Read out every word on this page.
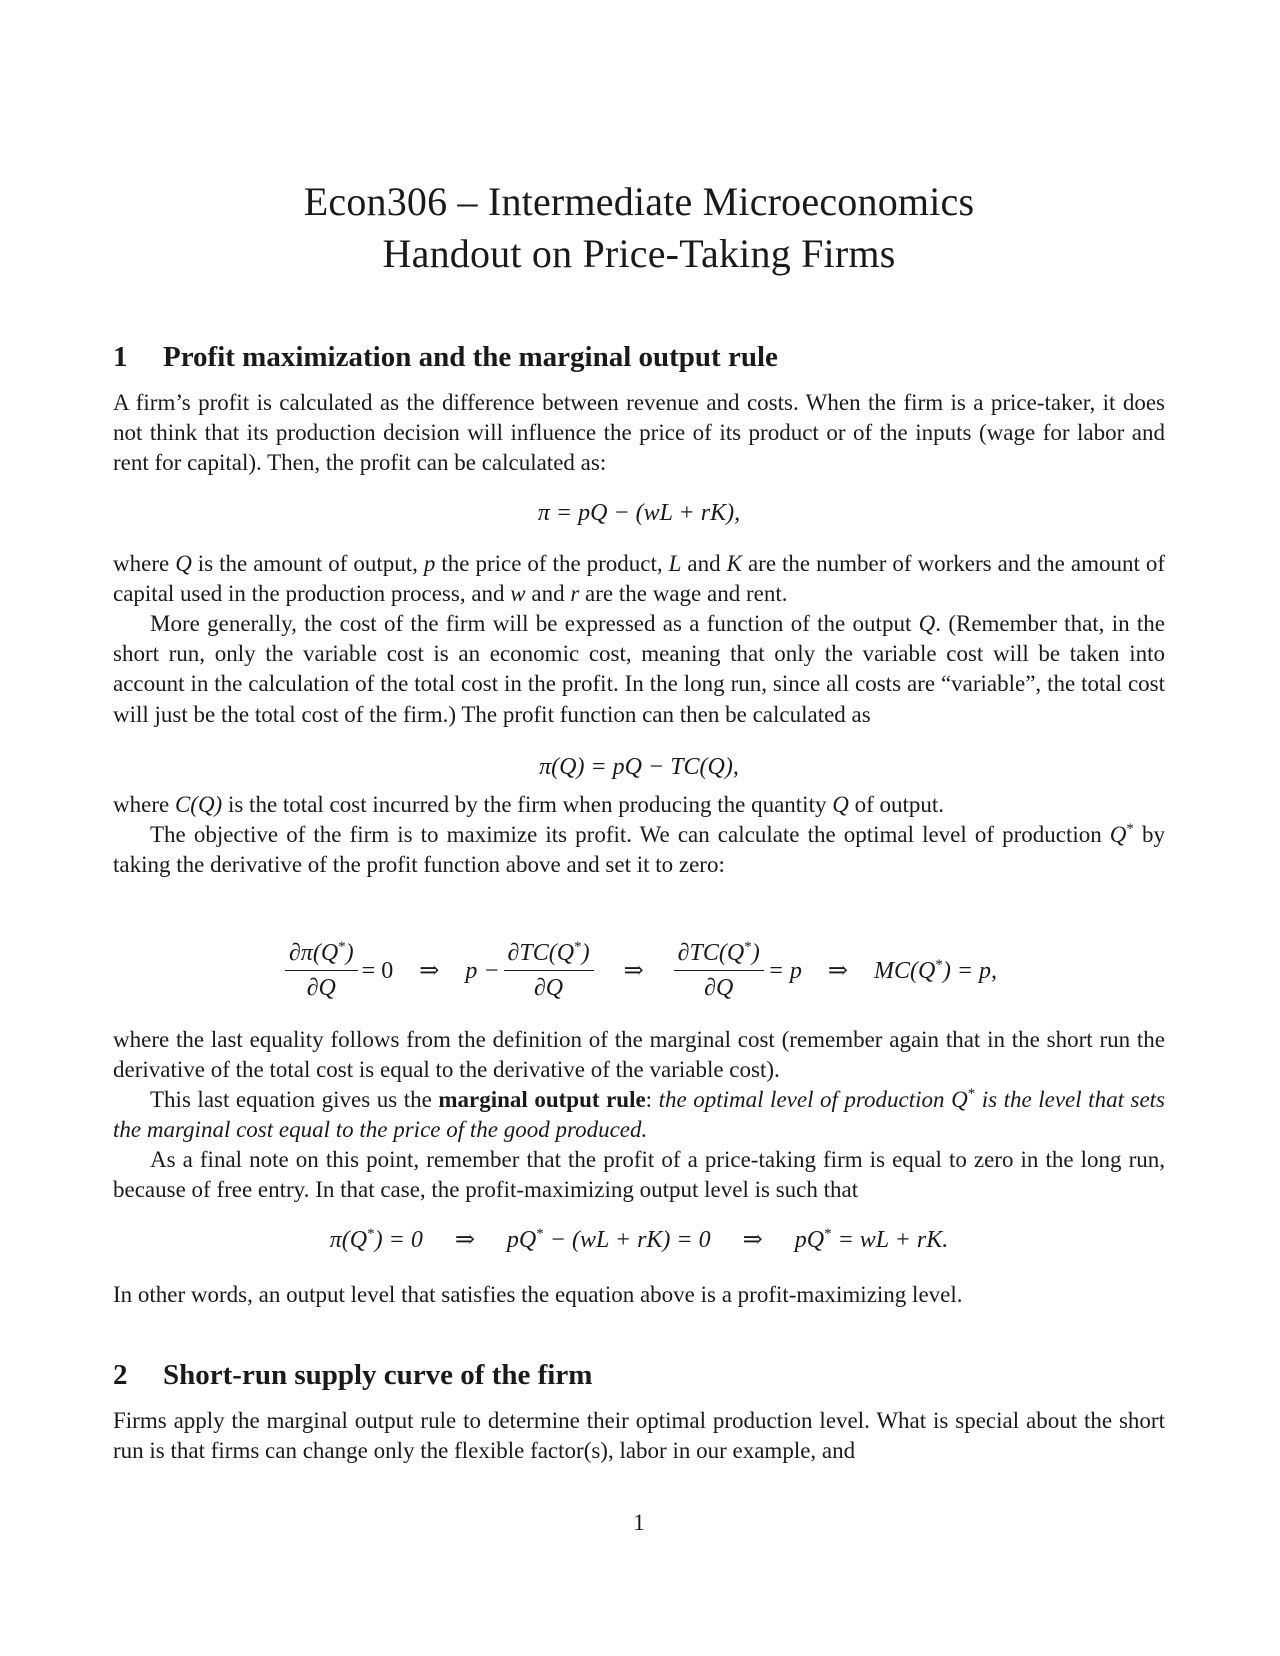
Econ306 – Intermediate Microeconomics
Handout on Price-Taking Firms
1 Profit maximization and the marginal output rule
A firm’s profit is calculated as the difference between revenue and costs. When the firm is a price-taker, it does not think that its production decision will influence the price of its product or of the inputs (wage for labor and rent for capital). Then, the profit can be calculated as:
π = pQ − (wL + rK),
where Q is the amount of output, p the price of the product, L and K are the number of workers and the amount of capital used in the production process, and w and r are the wage and rent.
More generally, the cost of the firm will be expressed as a function of the output Q. (Remember that, in the short run, only the variable cost is an economic cost, meaning that only the variable cost will be taken into account in the calculation of the total cost in the profit. In the long run, since all costs are “variable”, the total cost will just be the total cost of the firm.) The profit function can then be calculated as
π(Q) = pQ − TC(Q),
where C(Q) is the total cost incurred by the firm when producing the quantity Q of output.
The objective of the firm is to maximize its profit. We can calculate the optimal level of production Q* by taking the derivative of the profit function above and set it to zero:
$\frac{\partial\pi(Q^*)}{\partial Q} = 0$ ⇒ $p - \frac{\partial TC(Q^*)}{\partial Q}$ ⇒ $\frac{\partial TC(Q^*)}{\partial Q} = p$ ⇒ MC(Q*) = p,
where the last equality follows from the definition of the marginal cost (remember again that in the short run the derivative of the total cost is equal to the derivative of the variable cost).
This last equation gives us the marginal output rule: the optimal level of production Q* is the level that sets the marginal cost equal to the price of the good produced.
As a final note on this point, remember that the profit of a price-taking firm is equal to zero in the long run, because of free entry. In that case, the profit-maximizing output level is such that
π(Q*) = 0 ⇒ pQ* − (wL + rK) = 0 ⇒ pQ* = wL + rK.
In other words, an output level that satisfies the equation above is a profit-maximizing level.
2 Short-run supply curve of the firm
Firms apply the marginal output rule to determine their optimal production level. What is special about the short run is that firms can change only the flexible factor(s), labor in our example, and
1
